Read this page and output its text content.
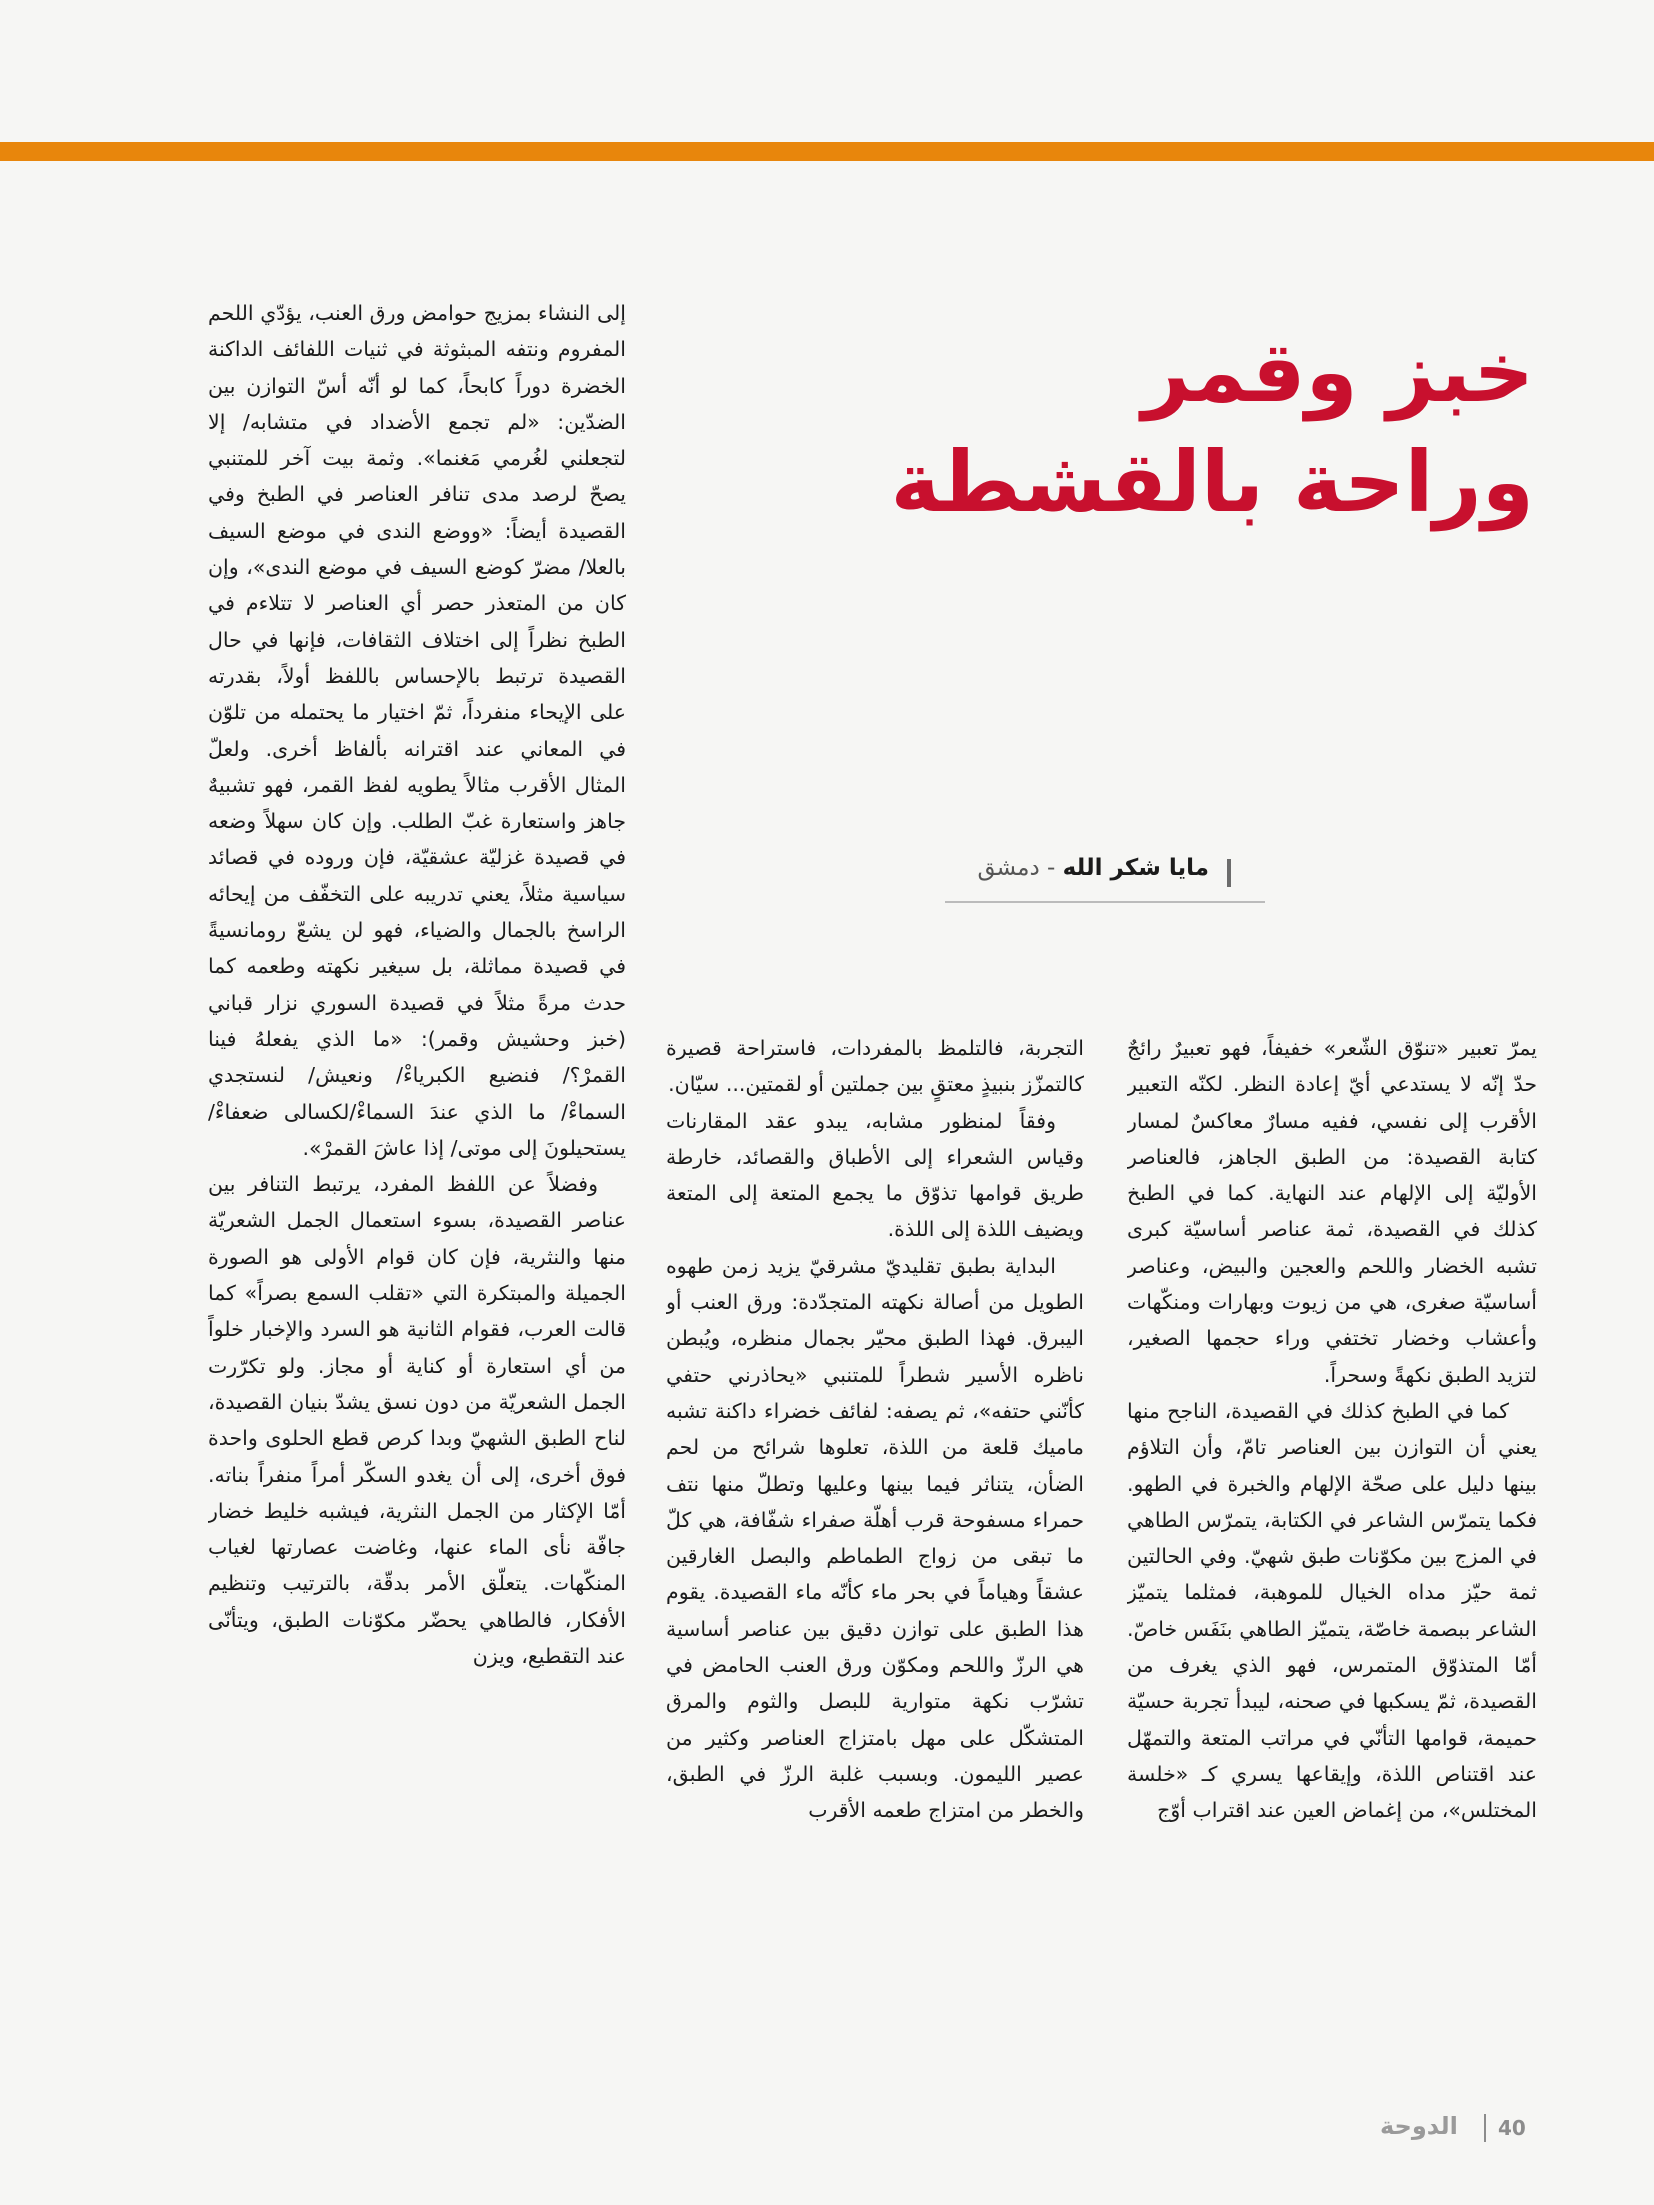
خبز وقمر
وراحة بالقشطة
مايا شكر الله - دمشق

يمرّ تعبير «تنوّق الشّعر» خفيفاً، فهو تعبيرٌ رائجٌ حدّ إنّه لا يستدعي أيّ إعادة النظر. لكنّه التعبير الأقرب إلى نفسي، ففيه مسارٌ معاكسٌ لمسار كتابة القصيدة: من الطبق الجاهز، فالعناصر الأوليّة إلى الإلهام عند النهاية. كما في الطبخ كذلك في القصيدة، ثمة عناصر أساسيّة كبرى تشبه الخضار واللحم والعجين والبيض، وعناصر أساسيّة صغرى، هي من زيوت وبهارات ومنكّهات وأعشاب وخضار تختفي وراء حجمها الصغير، لتزيد الطبق نكهةً وسحراً.

كما في الطبخ كذلك في القصيدة، الناجح منها يعني أن التوازن بين العناصر تامّ، وأن التلاؤم بينها دليل على صحّة الإلهام والخبرة في الطهو. فكما يتمرّس الشاعر في الكتابة، يتمرّس الطاهي في المزج بين مكوّنات طبق شهيّ. وفي الحالتين ثمة حيّز مداه الخيال للموهبة، فمثلما يتميّز الشاعر ببصمة خاصّة، يتميّز الطاهي بنَفَس خاصّ. أمّا المتذوّق المتمرس، فهو الذي يغرف من القصيدة، ثمّ يسكبها في صحنه، ليبدأ تجربة حسيّة حميمة، قوامها التأنّي في مراتب المتعة والتمهّل عند اقتناص اللذة، وإيقاعها يسري كـ «خلسة المختلس»، من إغماض العين عند اقتراب أوّج

التجربة، فالتلمظ بالمفردات، فاستراحة قصيرة كالتمزّز بنبيذٍ معتقٍ بين جملتين أو لقمتين... سيّان.

وفقاً لمنظور مشابه، يبدو عقد المقارنات وقياس الشعراء إلى الأطباق والقصائد، خارطة طريق قوامها تذوّق ما يجمع المتعة إلى المتعة ويضيف اللذة إلى اللذة.

البداية بطبق تقليديّ مشرقيّ يزيد زمن طهوه الطويل من أصالة نكهته المتجدّدة: ورق العنب أو اليبرق. فهذا الطبق محيّر بجمال منظره، ويُبطن ناظره الأسير شطراً للمتنبي «يحاذرني حتفي كأنّني حتفه»، ثم يصفه: لفائف خضراء داكنة تشبه ماميك قلعة من اللذة، تعلوها شرائح من لحم الضأن، يتناثر فيما بينها وعليها وتطلّ منها نتف حمراء مسفوحة قرب أهلّة صفراء شفّافة، هي كلّ ما تبقى من زواج الطماطم والبصل الغارقين عشقاً وهياماً في بحر ماء كأنّه ماء القصيدة. يقوم هذا الطبق على توازن دقيق بين عناصر أساسية هي الرزّ واللحم ومكوّن ورق العنب الحامض في تشرّب نكهة متوارية للبصل والثوم والمرق المتشكّل على مهل بامتزاج العناصر وكثير من عصير الليمون. وبسبب غلبة الرزّ في الطبق، والخطر من امتزاج طعمه الأقرب

إلى النشاء بمزيج حوامض ورق العنب، يؤدّي اللحم المفروم ونتفه المبثوثة في ثنيات اللفائف الداكنة الخضرة دوراً كابحاً، كما لو أنّه أسّ التوازن بين الضدّين: «لم تجمع الأضداد في متشابه/ إلا لتجعلني لغُرمي مَغنما». وثمة بيت آخر للمتنبي يصحّ لرصد مدى تنافر العناصر في الطبخ وفي القصيدة أيضاً: «ووضع الندى في موضع السيف بالعلا/ مضرّ كوضع السيف في موضع الندى»، وإن كان من المتعذر حصر أي العناصر لا تتلاءم في الطبخ نظراً إلى اختلاف الثقافات، فإنها في حال القصيدة ترتبط بالإحساس باللفظ أولاً، بقدرته على الإيحاء منفرداً، ثمّ اختيار ما يحتمله من تلوّن في المعاني عند اقترانه بألفاظ أخرى. ولعلّ المثال الأقرب مثالاً يطويه لفظ القمر، فهو تشبيهٌ جاهز واستعارة غبّ الطلب. وإن كان سهلاً وضعه في قصيدة غزليّة عشقيّة، فإن وروده في قصائد سياسية مثلاً، يعني تدريبه على التخفّف من إيحائه الراسخ بالجمال والضياء، فهو لن يشعّ رومانسيةً في قصيدة مماثلة، بل سيغير نكهته وطعمه كما حدث مرةً مثلاً في قصيدة السوري نزار قباني (خبز وحشيش وقمر): «ما الذي يفعلهُ فينا القمرْ؟/ فنضيع الكبرياءْ/ ونعيش/ لنستجدي السماءْ/ ما الذي عندَ السماءْ/لكسالى ضعفاءْ/ يستحيلونَ إلى موتى/ إذا عاشَ القمرْ».

وفضلاً عن اللفظ المفرد، يرتبط التنافر بين عناصر القصيدة، بسوء استعمال الجمل الشعريّة منها والنثرية، فإن كان قوام الأولى هو الصورة الجميلة والمبتكرة التي «تقلب السمع بصراً» كما قالت العرب، فقوام الثانية هو السرد والإخبار خلواً من أي استعارة أو كناية أو مجاز. ولو تكرّرت الجمل الشعريّة من دون نسق يشدّ بنيان القصيدة، لناح الطبق الشهيّ وبدا كرص قطع الحلوى واحدة فوق أخرى، إلى أن يغدو السكّر أمراً منفراً بناته. أمّا الإكثار من الجمل النثرية، فيشبه خليط خضار جافّة نأى الماء عنها، وغاضت عصارتها لغياب المنكّهات. يتعلّق الأمر بدقّة، بالترتيب وتنظيم الأفكار، فالطاهي يحضّر مكوّنات الطبق، ويتأنّى عند التقطيع، ويزن

الدوحة 40
